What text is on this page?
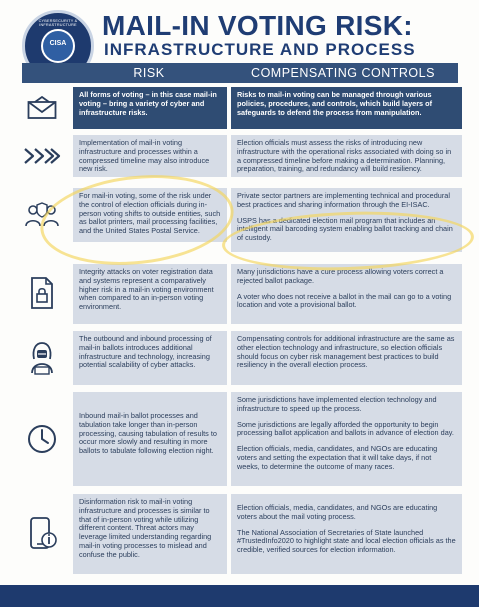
CYBERSECURITY & INFRASTRUCTURE
CISA
MAIL-IN VOTING RISK:
INFRASTRUCTURE AND PROCESS
RISK	COMPENSATING CONTROLS
All forms of voting – in this case mail-in voting – bring a variety of cyber and infrastructure risks.
Risks to mail-in voting can be managed through various policies, procedures, and controls, which build layers of safeguards to defend the process from manipulation.
Implementation of mail-in voting infrastructure and processes within a compressed timeline may also introduce new risk.
Election officials must assess the risks of introducing new infrastructure with the operational risks associated with doing so in a compressed timeline before making a determination. Planning, preparation, training, and redundancy will build resiliency.
For mail-in voting, some of the risk under the control of election officials during in-person voting shifts to outside entities, such as ballot printers, mail processing facilities, and the United States Postal Service.
Private sector partners are implementing technical and procedural best practices and sharing information through the EI-ISAC.
USPS has a dedicated election mail program that includes an intelligent mail barcoding system enabling ballot tracking and chain of custody.
Integrity attacks on voter registration data and systems represent a comparatively higher risk in a mail-in voting environment when compared to an in-person voting environment.
Many jurisdictions have a cure process allowing voters correct a rejected ballot package.
A voter who does not receive a ballot in the mail can go to a voting location and vote a provisional ballot.
The outbound and inbound processing of mail-in ballots introduces additional infrastructure and technology, increasing potential scalability of cyber attacks.
Compensating controls for additional infrastructure are the same as other election technology and infrastructure, so election officials should focus on cyber risk management best practices to build resiliency in the overall election process.
Inbound mail-in ballot processes and tabulation take longer than in-person processing, causing tabulation of results to occur more slowly and resulting in more ballots to tabulate following election night.
Some jurisdictions have implemented election technology and infrastructure to speed up the process.
Some jurisdictions are legally afforded the opportunity to begin processing ballot application and ballots in advance of election day.
Election officials, media, candidates, and NGOs are educating voters and setting the expectation that it will take days, if not weeks, to determine the outcome of many races.
Disinformation risk to mail-in voting infrastructure and processes is similar to that of in-person voting while utilizing different content. Threat actors may leverage limited understanding regarding mail-in voting processes to mislead and confuse the public.
Election officials, media, candidates, and NGOs are educating voters about the mail voting process.
The National Association of Secretaries of State launched #TrustedInfo2020 to highlight state and local election officials as the credible, verified sources for election information.
